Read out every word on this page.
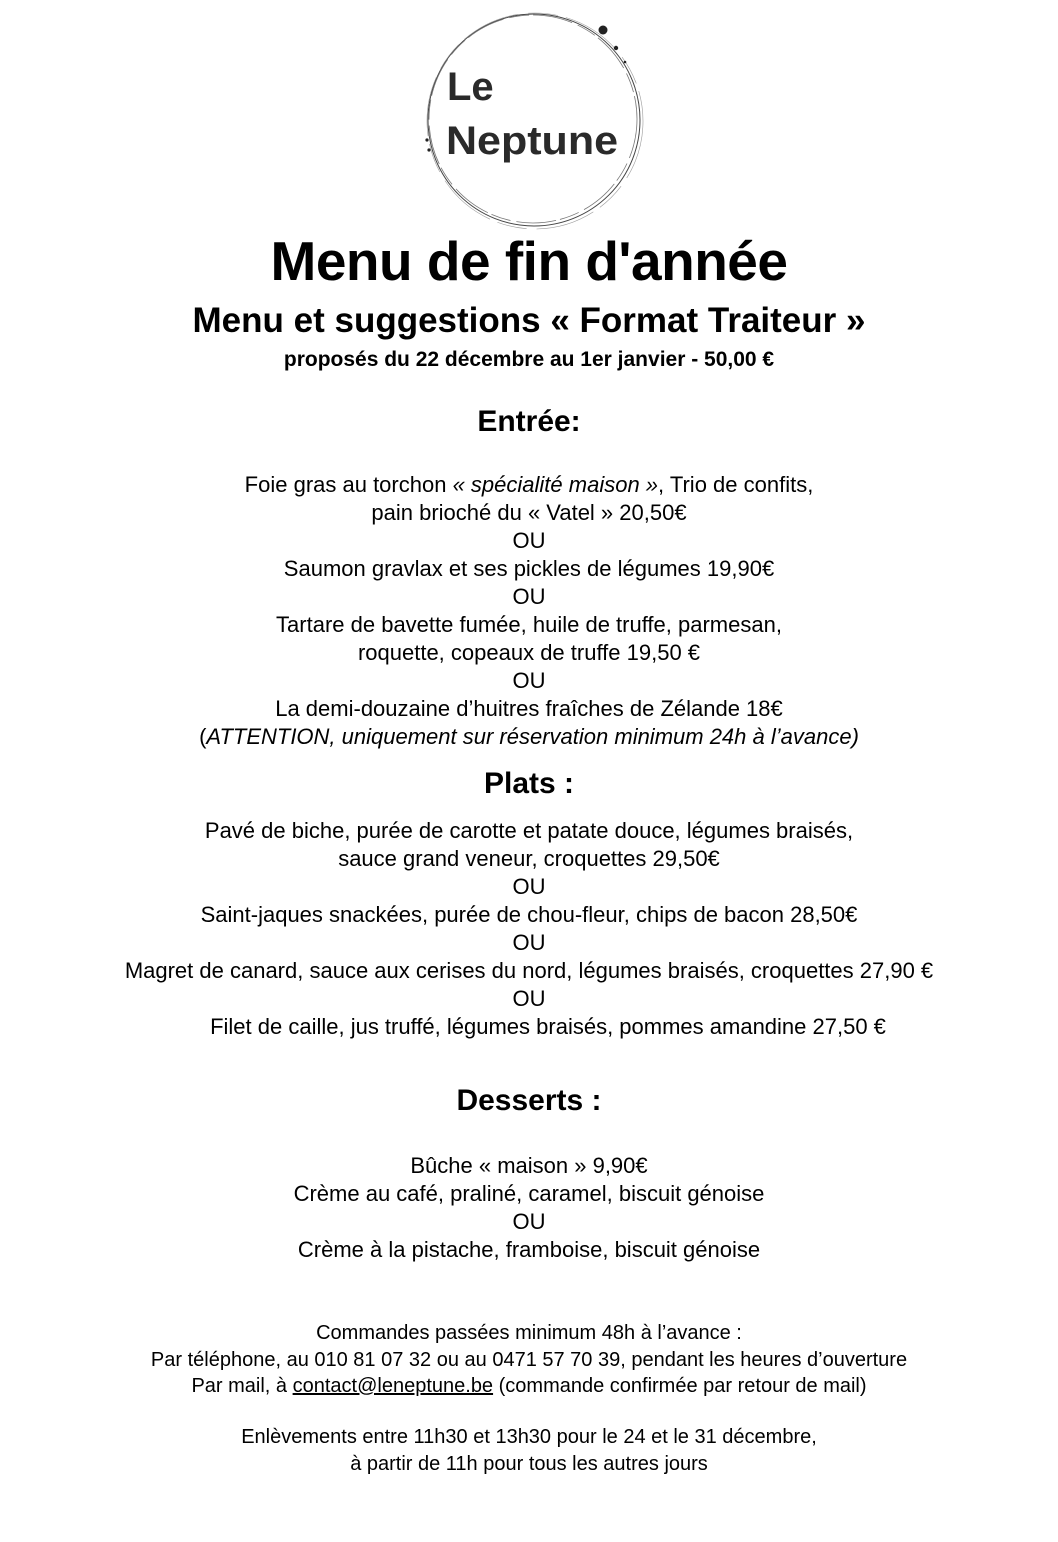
Le
Neptune
Menu de fin d'année
Menu et suggestions « Format Traiteur »
proposés du 22 décembre au 1er janvier - 50,00 €
Entrée:
Foie gras au torchon « spécialité maison », Trio de confits,
pain brioché du « Vatel » 20,50€
OU
Saumon gravlax et ses pickles de légumes 19,90€
OU
Tartare de bavette fumée, huile de truffe, parmesan,
roquette, copeaux de truffe 19,50 €
OU
La demi-douzaine d’huitres fraîches de Zélande 18€
(ATTENTION, uniquement sur réservation minimum 24h à l’avance)
Plats :
Pavé de biche, purée de carotte et patate douce, légumes braisés,
sauce grand veneur, croquettes 29,50€
OU
Saint-jaques snackées, purée de chou-fleur, chips de bacon 28,50€
OU
Magret de canard, sauce aux cerises du nord, légumes braisés, croquettes 27,90 €
OU
Filet de caille, jus truffé, légumes braisés, pommes amandine 27,50 €
Desserts :
Bûche « maison » 9,90€
Crème au café, praliné, caramel, biscuit génoise
OU
Crème à la pistache, framboise, biscuit génoise
Commandes passées minimum 48h à l’avance :
Par téléphone, au 010 81 07 32 ou au 0471 57 70 39, pendant les heures d’ouverture
Par mail, à contact@leneptune.be (commande confirmée par retour de mail)
Enlèvements entre 11h30 et 13h30 pour le 24 et le 31 décembre,
à partir de 11h pour tous les autres jours
